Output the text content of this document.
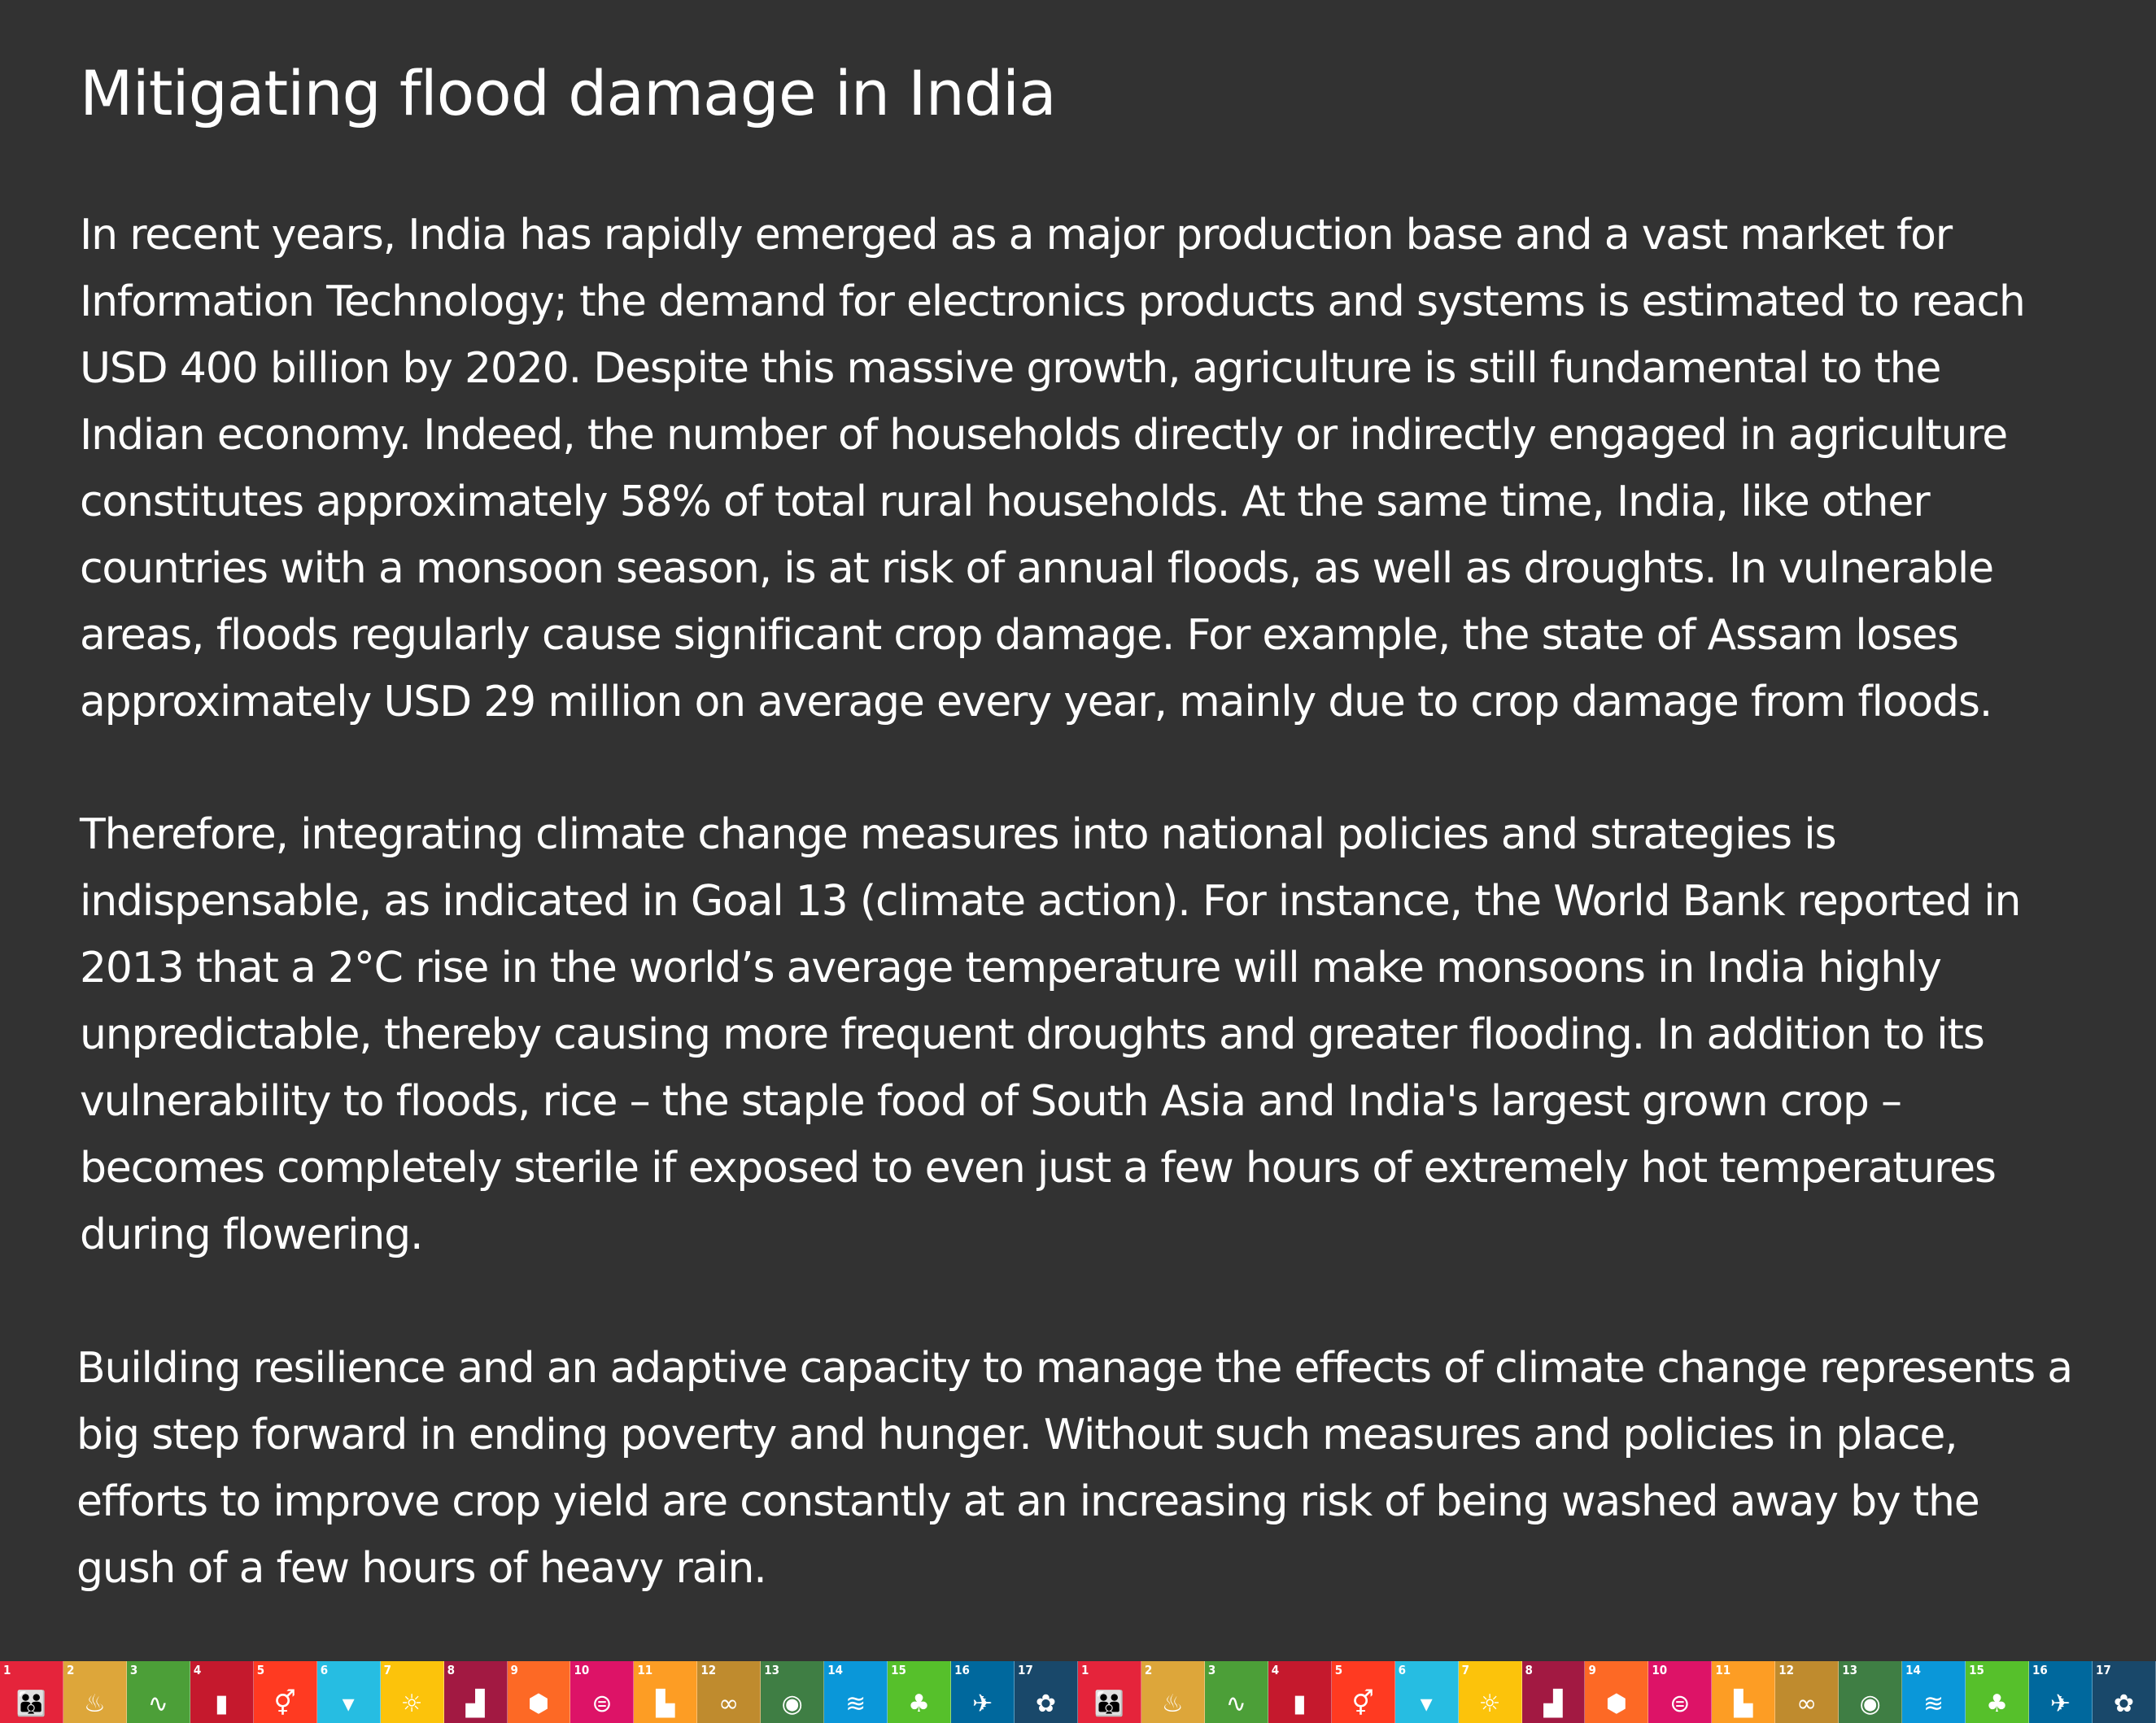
Mitigating flood damage in India

In recent years, India has rapidly emerged as a major production base and a vast market for
Information Technology; the demand for electronics products and systems is estimated to reach
USD 400 billion by 2020. Despite this massive growth, agriculture is still fundamental to the
Indian economy. Indeed, the number of households directly or indirectly engaged in agriculture
constitutes approximately 58% of total rural households. At the same time, India, like other
countries with a monsoon season, is at risk of annual floods, as well as droughts. In vulnerable
areas, floods regularly cause significant crop damage. For example, the state of Assam loses
approximately USD 29 million on average every year, mainly due to crop damage from floods.

Therefore, integrating climate change measures into national policies and strategies is
indispensable, as indicated in Goal 13 (climate action). For instance, the World Bank reported in
2013 that a 2°C rise in the world’s average temperature will make monsoons in India highly
unpredictable, thereby causing more frequent droughts and greater flooding. In addition to its
vulnerability to floods, rice – the staple food of South Asia and India's largest grown crop –
becomes completely sterile if exposed to even just a few hours of extremely hot temperatures
during flowering.

Building resilience and an adaptive capacity to manage the effects of climate change represents a
big step forward in ending poverty and hunger. Without such measures and policies in place,
efforts to improve crop yield are constantly at an increasing risk of being washed away by the
gush of a few hours of heavy rain.

1
👪
2
♨
3
∿
4
▮
5
⚥
6
▾
7
☼
8
▟
9
⬢
10
⊜
11
▙
12
∞
13
◉
14
≋
15
♣
16
✈
17
✿
1
👪
2
♨
3
∿
4
▮
5
⚥
6
▾
7
☼
8
▟
9
⬢
10
⊜
11
▙
12
∞
13
◉
14
≋
15
♣
16
✈
17
✿
